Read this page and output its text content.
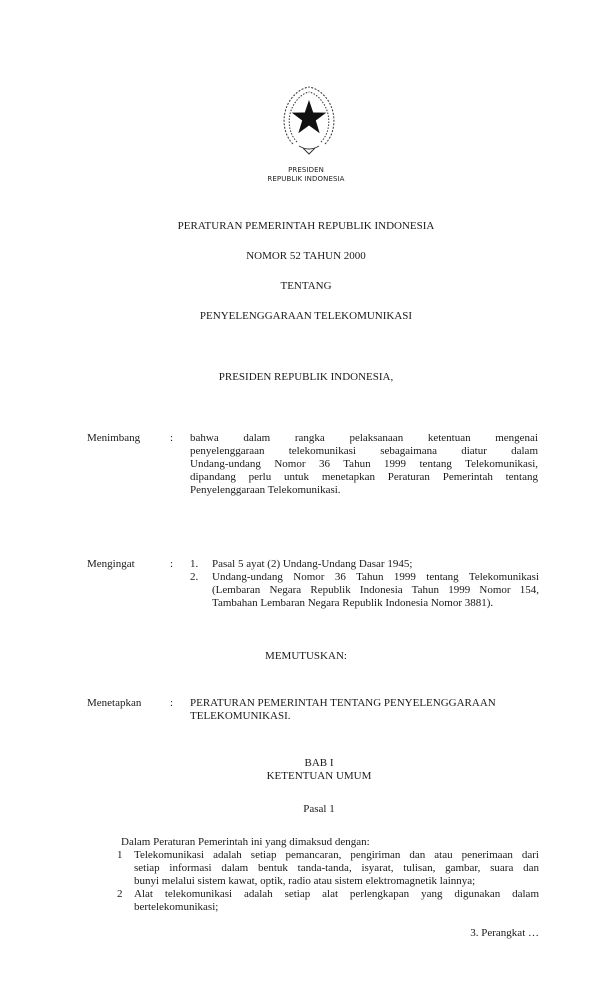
PRESIDEN
REPUBLIK INDONESIA
PERATURAN PEMERINTAH REPUBLIK INDONESIA
NOMOR 52 TAHUN 2000
TENTANG
PENYELENGGARAAN TELEKOMUNIKASI
PRESIDEN REPUBLIK INDONESIA,
Menimbang	: bahwa dalam rangka pelaksanaan ketentuan mengenai
penyelenggaraan telekomunikasi sebagaimana diatur dalam
Undang-undang Nomor 36 Tahun 1999 tentang Telekomunikasi,
dipandang perlu untuk menetapkan Peraturan Pemerintah tentang
Penyelenggaraan Telekomunikasi.
Mengingat	: 1.	Pasal 5 ayat (2) Undang-Undang Dasar 1945;
2.	Undang-undang Nomor 36 Tahun 1999 tentang Telekomunikasi
(Lembaran Negara Republik Indonesia Tahun 1999 Nomor 154,
Tambahan Lembaran Negara Republik Indonesia Nomor 3881).
MEMUTUSKAN:
Menetapkan	: PERATURAN PEMERINTAH TENTANG PENYELENGGARAAN
TELEKOMUNIKASI.
BAB I
KETENTUAN UMUM
Pasal 1
Dalam Peraturan Pemerintah ini yang dimaksud dengan:
1 Telekomunikasi adalah setiap pemancaran, pengiriman dan atau penerimaan dari
setiap informasi dalam bentuk tanda-tanda, isyarat, tulisan, gambar, suara dan
bunyi melalui sistem kawat, optik, radio atau sistem elektromagnetik lainnya;
2 Alat telekomunikasi adalah setiap alat perlengkapan yang digunakan dalam
bertelekomunikasi;
3. Perangkat …
